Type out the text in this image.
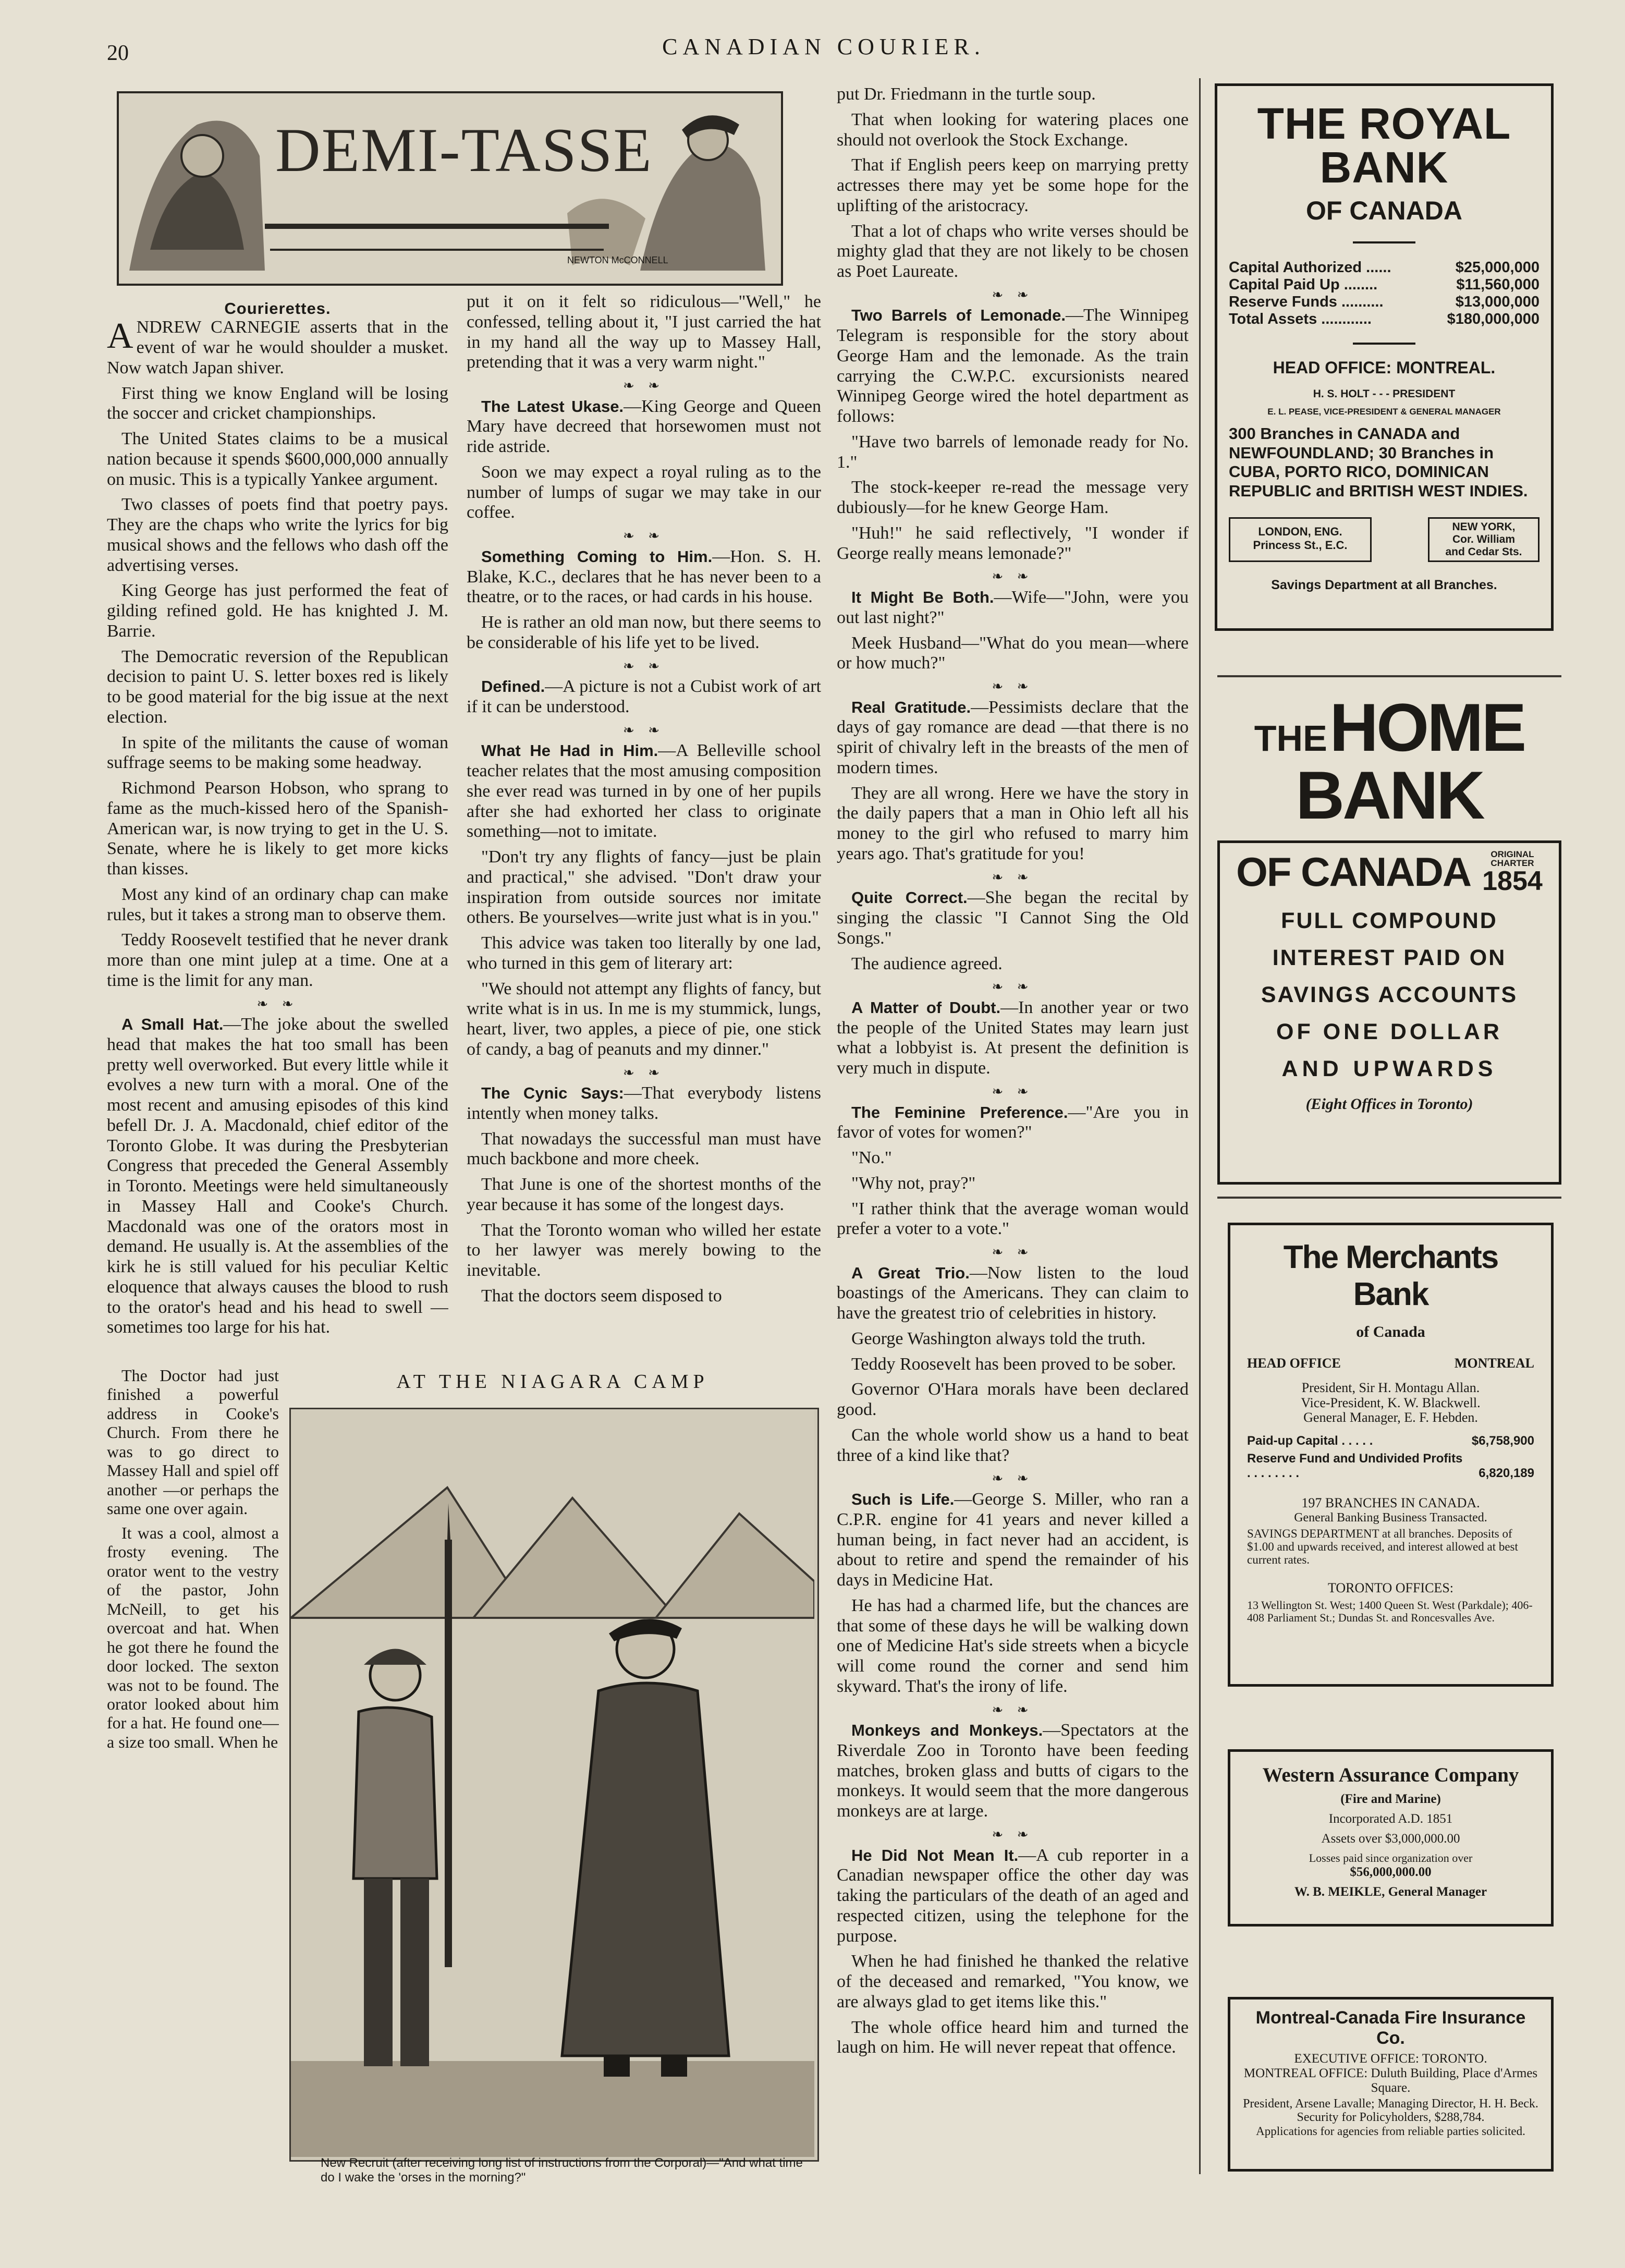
20	CANADIAN COURIER.
DEMI-TASSE
NEWTON McCONNELL
Courierettes.

ANDREW CARNEGIE asserts that in the event of war he would shoulder a musket. Now watch Japan shiver.

First thing we know England will be losing the soccer and cricket championships.

The United States claims to be a musical nation because it spends $600,000,000 annually on music. This is a typically Yankee argument.

Two classes of poets find that poetry pays. They are the chaps who write the lyrics for big musical shows and the fellows who dash off the advertising verses.

King George has just performed the feat of gilding refined gold. He has knighted J. M. Barrie.

The Democratic reversion of the Republican decision to paint U. S. letter boxes red is likely to be good material for the big issue at the next election.

In spite of the militants the cause of woman suffrage seems to be making some headway.

Richmond Pearson Hobson, who sprang to fame as the much-kissed hero of the Spanish-American war, is now trying to get in the U. S. Senate, where he is likely to get more kicks than kisses.

Most any kind of an ordinary chap can make rules, but it takes a strong man to observe them.

Teddy Roosevelt testified that he never drank more than one mint julep at a time. One at a time is the limit for any man.

❧ ❧

A Small Hat.—The joke about the swelled head that makes the hat too small has been pretty well overworked. But every little while it evolves a new turn with a moral. One of the most recent and amusing episodes of this kind befell Dr. J. A. Macdonald, chief editor of the Toronto Globe. It was during the Presbyterian Congress that preceded the General Assembly in Toronto. Meetings were held simultaneously in Massey Hall and Cooke's Church. Macdonald was one of the orators most in demand. He usually is. At the assemblies of the kirk he is still valued for his peculiar Keltic eloquence that always causes the blood to rush to the orator's head and his head to swell —sometimes too large for his hat.

The Doctor had just finished a powerful address in Cooke's Church. From there he was to go direct to Massey Hall and spiel off another —or perhaps the same one over again.

It was a cool, almost a frosty evening. The orator went to the vestry of the pastor, John McNeill, to get his overcoat and hat. When he got there he found the door locked. The sexton was not to be found. The orator looked about him for a hat. He found one—a size too small. When he

put it on it felt so ridiculous—"Well," he confessed, telling about it, "I just carried the hat in my hand all the way up to Massey Hall, pretending that it was a very warm night."

❧ ❧

The Latest Ukase.—King George and Queen Mary have decreed that horsewomen must not ride astride.

Soon we may expect a royal ruling as to the number of lumps of sugar we may take in our coffee.

❧ ❧

Something Coming to Him.—Hon. S. H. Blake, K.C., declares that he has never been to a theatre, or to the races, or had cards in his house.

He is rather an old man now, but there seems to be considerable of his life yet to be lived.

❧ ❧

Defined.—A picture is not a Cubist work of art if it can be understood.

❧ ❧

What He Had in Him.—A Belleville school teacher relates that the most amusing composition she ever read was turned in by one of her pupils after she had exhorted her class to originate something—not to imitate.

"Don't try any flights of fancy—just be plain and practical," she advised. "Don't draw your inspiration from outside sources nor imitate others. Be yourselves—write just what is in you."

This advice was taken too literally by one lad, who turned in this gem of literary art:

"We should not attempt any flights of fancy, but write what is in us. In me is my stummick, lungs, heart, liver, two apples, a piece of pie, one stick of candy, a bag of peanuts and my dinner."

❧ ❧

The Cynic Says:—That everybody listens intently when money talks.

That nowadays the successful man must have much backbone and more cheek.

That June is one of the shortest months of the year because it has some of the longest days.

That the Toronto woman who willed her estate to her lawyer was merely bowing to the inevitable.

That the doctors seem disposed to

AT THE NIAGARA CAMP
New Recruit (after receiving long list of instructions from the Corporal)—"And what time do I wake the 'orses in the morning?"

put Dr. Friedmann in the turtle soup.

That when looking for watering places one should not overlook the Stock Exchange.

That if English peers keep on marrying pretty actresses there may yet be some hope for the uplifting of the aristocracy.

That a lot of chaps who write verses should be mighty glad that they are not likely to be chosen as Poet Laureate.

❧ ❧

Two Barrels of Lemonade.—The Winnipeg Telegram is responsible for the story about George Ham and the lemonade. As the train carrying the C.W.P.C. excursionists neared Winnipeg George wired the hotel department as follows:

"Have two barrels of lemonade ready for No. 1."

The stock-keeper re-read the message very dubiously—for he knew George Ham.

"Huh!" he said reflectively, "I wonder if George really means lemonade?"

❧ ❧

It Might Be Both.—Wife—"John, were you out last night?"

Meek Husband—"What do you mean—where or how much?"

❧ ❧

Real Gratitude.—Pessimists declare that the days of gay romance are dead —that there is no spirit of chivalry left in the breasts of the men of modern times.

They are all wrong. Here we have the story in the daily papers that a man in Ohio left all his money to the girl who refused to marry him years ago. That's gratitude for you!

❧ ❧

Quite Correct.—She began the recital by singing the classic "I Cannot Sing the Old Songs."

The audience agreed.

❧ ❧

A Matter of Doubt.—In another year or two the people of the United States may learn just what a lobbyist is. At present the definition is very much in dispute.

❧ ❧

The Feminine Preference.—"Are you in favor of votes for women?"

"No."

"Why not, pray?"

"I rather think that the average woman would prefer a voter to a vote."

❧ ❧

A Great Trio.—Now listen to the loud boastings of the Americans. They can claim to have the greatest trio of celebrities in history.

George Washington always told the truth.

Teddy Roosevelt has been proved to be sober.

Governor O'Hara morals have been declared good.

Can the whole world show us a hand to beat three of a kind like that?

❧ ❧

Such is Life.—George S. Miller, who ran a C.P.R. engine for 41 years and never killed a human being, in fact never had an accident, is about to retire and spend the remainder of his days in Medicine Hat.

He has had a charmed life, but the chances are that some of these days he will be walking down one of Medicine Hat's side streets when a bicycle will come round the corner and send him skyward. That's the irony of life.

❧ ❧

Monkeys and Monkeys.—Spectators at the Riverdale Zoo in Toronto have been feeding matches, broken glass and butts of cigars to the monkeys. It would seem that the more dangerous monkeys are at large.

❧ ❧

He Did Not Mean It.—A cub reporter in a Canadian newspaper office the other day was taking the particulars of the death of an aged and respected citizen, using the telephone for the purpose.

When he had finished he thanked the relative of the deceased and remarked, "You know, we are always glad to get items like this."

The whole office heard him and turned the laugh on him. He will never repeat that offence.

THE ROYAL BANK
OF CANADA
Capital Authorized ......	$25,000,000
Capital Paid Up ........	$11,560,000
Reserve Funds ..........	$13,000,000
Total Assets ............	$180,000,000
HEAD OFFICE: MONTREAL.
H. S. HOLT - - - PRESIDENT
E. L. PEASE, VICE-PRESIDENT & GENERAL MANAGER
300 Branches in CANADA and NEWFOUNDLAND; 30 Branches in CUBA, PORTO RICO, DOMINICAN REPUBLIC and BRITISH WEST INDIES.
LONDON, ENG.
Princess St., E.C.
NEW YORK,
Cor. William
and Cedar Sts.
Savings Department at all Branches.
THE HOME BANK
OF CANADA	ORIGINAL
CHARTER
1854
FULL COMPOUND
INTEREST PAID ON
SAVINGS ACCOUNTS
OF ONE DOLLAR
AND UPWARDS
(Eight Offices in Toronto)
The Merchants Bank
of Canada
HEAD OFFICE	MONTREAL
President, Sir H. Montagu Allan.
Vice-President, K. W. Blackwell.
General Manager, E. F. Hebden.
Paid-up Capital . . . . .	$6,758,900
Reserve Fund and Undivided Profits . . . . . . . .	6,820,189
197 BRANCHES IN CANADA.
General Banking Business Transacted.
SAVINGS DEPARTMENT at all branches. Deposits of $1.00 and upwards received, and interest allowed at best current rates.
TORONTO OFFICES:
13 Wellington St. West; 1400 Queen St. West (Parkdale); 406-408 Parliament St.; Dundas St. and Roncesvalles Ave.
Western Assurance Company
(Fire and Marine)
Incorporated A.D. 1851
Assets over $3,000,000.00
Losses paid since organization over
$56,000,000.00
W. B. MEIKLE, General Manager
Montreal-Canada Fire Insurance Co.
EXECUTIVE OFFICE: TORONTO.
MONTREAL OFFICE: Duluth Building, Place d'Armes Square.
President, Arsene Lavalle; Managing Director, H. H. Beck.
Security for Policyholders, $288,784.
Applications for agencies from reliable parties solicited.
